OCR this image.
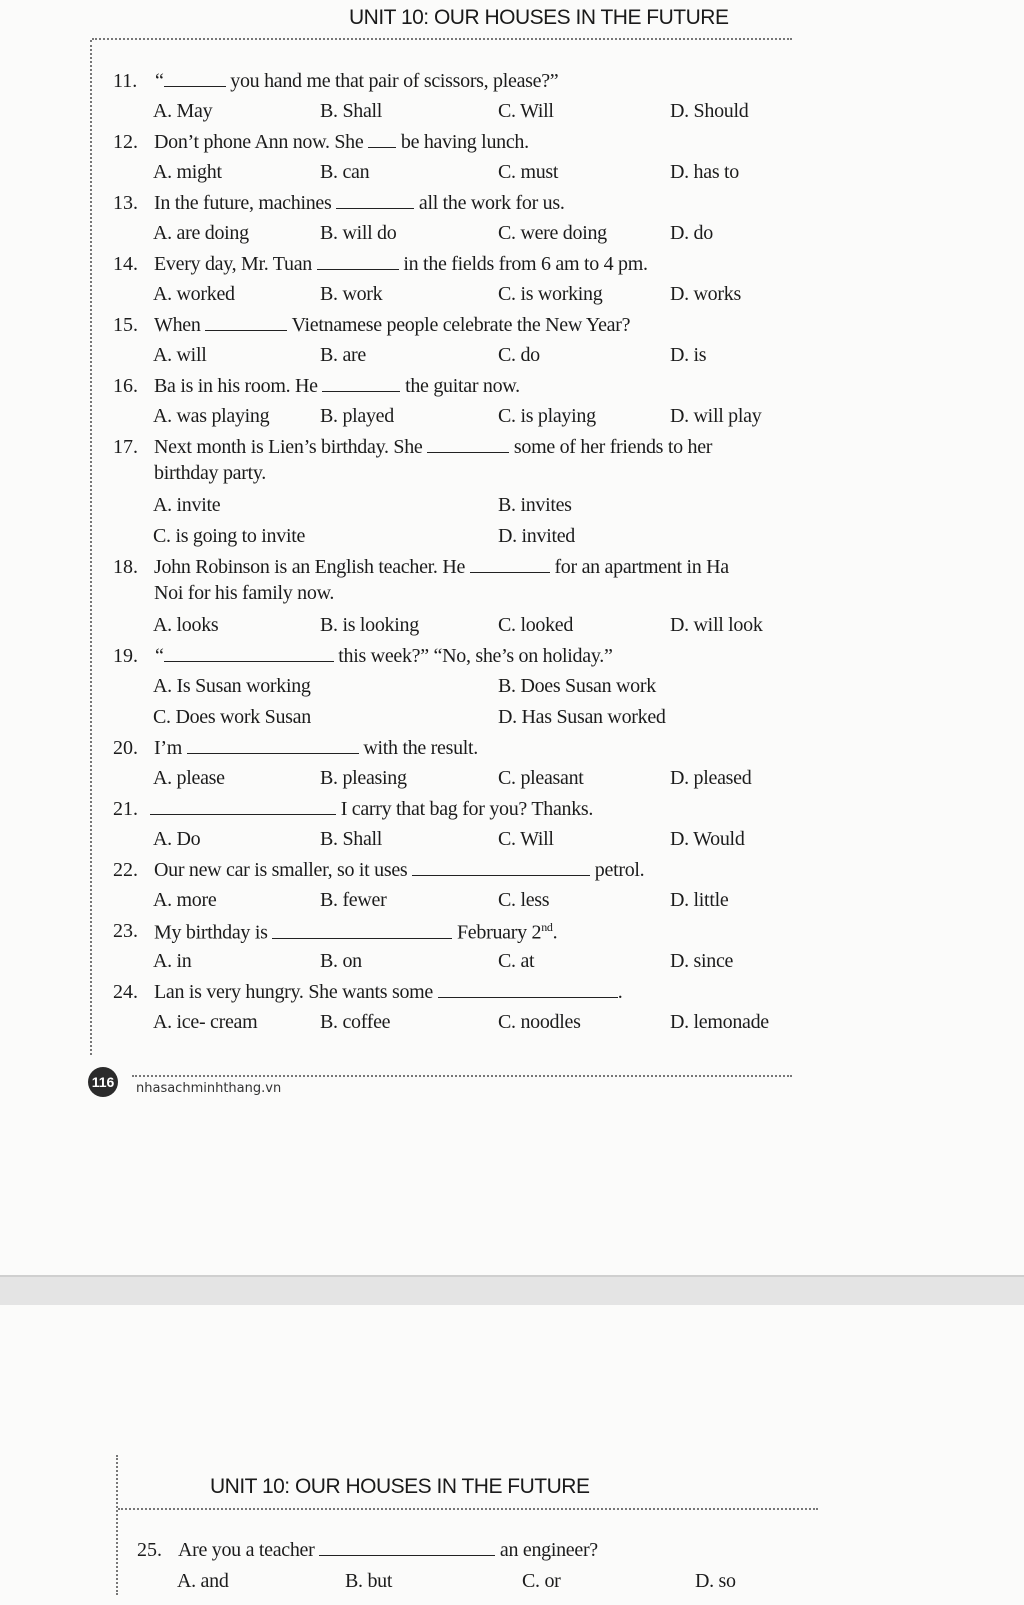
UNIT 10: OUR HOUSES IN THE FUTURE
11. “	you hand me that pair of scissors, please?”
A. May	B. Shall	C. Will	D. Should
12. Don’t phone Ann now. She  be having lunch.
A. might	B. can	C. must	D. has to
13. In the future, machines	all the work for us.
A. are doing	B. will do	C. were doing	D. do
14. Every day, Mr. Tuan	in the fields from 6 am to 4 pm.
A. worked	B. work	C. is working	D. works
15. When	Vietnamese people celebrate the New Year?
A. will	B. are	C. do	D. is
16. Ba is in his room. He	the guitar now.
A. was playing	B. played	C. is playing	D. will play
17. Next month is Lien’s birthday. She	some of her friends to her
birthday party.
A. invite	B. invites
C. is going to invite	D. invited
18. John Robinson is an English teacher. He	for an apartment in Ha
Noi for his family now.
A. looks	B. is looking	C. looked	D. will look
19. “	this week?” “No, she’s on holiday.”
A. Is Susan working	B. Does Susan work
C. Does work Susan	D. Has Susan worked
20. I’m	with the result.
A. please	B. pleasing	C. pleasant	D. pleased
21.	I carry that bag for you? Thanks.
A. Do	B. Shall	C. Will	D. Would
22. Our new car is smaller, so it uses	petrol.
A. more	B. fewer	C. less	D. little
23. My birthday is	February 2nd.
A. in	B. on	C. at	D. since
24. Lan is very hungry. She wants some	.
A. ice- cream	B. coffee	C. noodles	D. lemonade
116 nhasachminhthang.vn
UNIT 10: OUR HOUSES IN THE FUTURE
25. Are you a teacher	an engineer?
A. and	B. but	C. or	D. so
